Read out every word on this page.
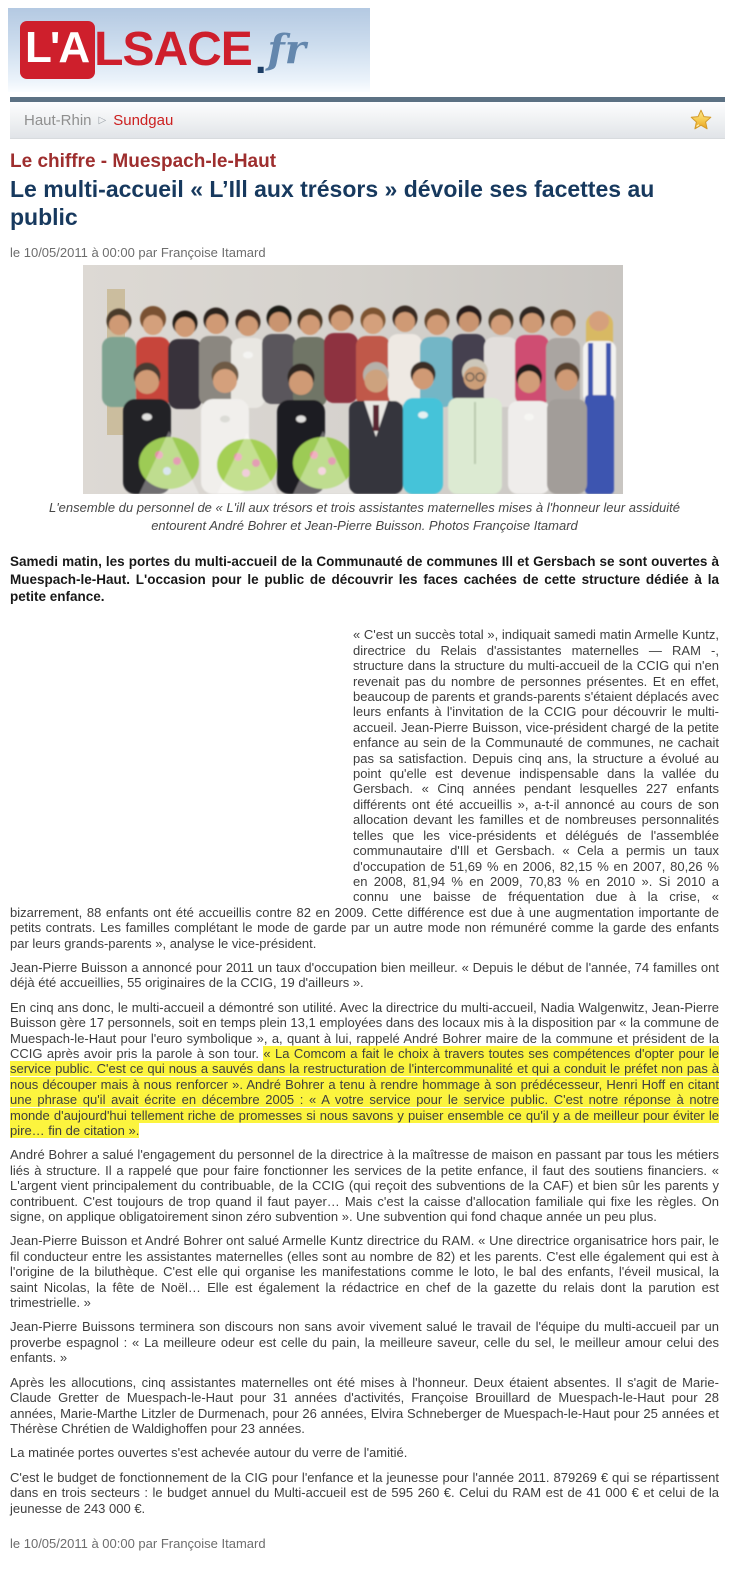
L'A LSACE . fr
Haut-Rhin ▷ Sundgau
Le chiffre - Muespach-le-Haut
Le multi-accueil « L’Ill aux trésors » dévoile ses facettes au public
le 10/05/2011 à 00:00 par Françoise Itamard
L'ensemble du personnel de « L'ill aux trésors et trois assistantes maternelles mises à l'honneur leur assiduité entourent André Bohrer et Jean-Pierre Buisson. Photos Françoise Itamard

Samedi matin, les portes du multi-accueil de la Communauté de communes Ill et Gersbach se sont ouvertes à Muespach-le-Haut. L'occasion pour le public de découvrir les faces cachées de cette structure dédiée à la petite enfance.

« C'est un succès total », indiquait samedi matin Armelle Kuntz, directrice du Relais d'assistantes maternelles — RAM -, structure dans la structure du multi-accueil de la CCIG qui n'en revenait pas du nombre de personnes présentes. Et en effet, beaucoup de parents et grands-parents s'étaient déplacés avec leurs enfants à l'invitation de la CCIG pour découvrir le multi-accueil. Jean-Pierre Buisson, vice-président chargé de la petite enfance au sein de la Communauté de communes, ne cachait pas sa satisfaction. Depuis cinq ans, la structure a évolué au point qu'elle est devenue indispensable dans la vallée du Gersbach. « Cinq années pendant lesquelles 227 enfants différents ont été accueillis », a-t-il annoncé au cours de son allocation devant les familles et de nombreuses personnalités telles que les vice-présidents et délégués de l'assemblée communautaire d'Ill et Gersbach. « Cela a permis un taux d'occupation de 51,69 % en 2006, 82,15 % en 2007, 80,26 % en 2008, 81,94 % en 2009, 70,83 % en 2010 ». Si 2010 a connu une baisse de fréquentation due à la crise, « bizarrement, 88 enfants ont été accueillis contre 82 en 2009. Cette différence est due à une augmentation importante de petits contrats. Les familles complétant le mode de garde par un autre mode non rémunéré comme la garde des enfants par leurs grands-parents », analyse le vice-président.

Jean-Pierre Buisson a annoncé pour 2011 un taux d'occupation bien meilleur. « Depuis le début de l'année, 74 familles ont déjà été accueillies, 55 originaires de la CCIG, 19 d'ailleurs ».

En cinq ans donc, le multi-accueil a démontré son utilité. Avec la directrice du multi-accueil, Nadia Walgenwitz, Jean-Pierre Buisson gère 17 personnels, soit en temps plein 13,1 employées dans des locaux mis à la disposition par « la commune de Muespach-le-Haut pour l'euro symbolique », a, quant à lui, rappelé André Bohrer maire de la commune et président de la CCIG après avoir pris la parole à son tour. « La Comcom a fait le choix à travers toutes ses compétences d'opter pour le service public. C'est ce qui nous a sauvés dans la restructuration de l'intercommunalité et qui a conduit le préfet non pas à nous découper mais à nous renforcer ». André Bohrer a tenu à rendre hommage à son prédécesseur, Henri Hoff en citant une phrase qu'il avait écrite en décembre 2005 : « A votre service pour le service public. C'est notre réponse à notre monde d'aujourd'hui tellement riche de promesses si nous savons y puiser ensemble ce qu'il y a de meilleur pour éviter le pire… fin de citation ».

André Bohrer a salué l'engagement du personnel de la directrice à la maîtresse de maison en passant par tous les métiers liés à structure. Il a rappelé que pour faire fonctionner les services de la petite enfance, il faut des soutiens financiers. « L'argent vient principalement du contribuable, de la CCIG (qui reçoit des subventions de la CAF) et bien sûr les parents y contribuent. C'est toujours de trop quand il faut payer… Mais c'est la caisse d'allocation familiale qui fixe les règles. On signe, on applique obligatoirement sinon zéro subvention ». Une subvention qui fond chaque année un peu plus.

Jean-Pierre Buisson et André Bohrer ont salué Armelle Kuntz directrice du RAM. « Une directrice organisatrice hors pair, le fil conducteur entre les assistantes maternelles (elles sont au nombre de 82) et les parents. C'est elle également qui est à l'origine de la biluthèque. C'est elle qui organise les manifestations comme le loto, le bal des enfants, l'éveil musical, la saint Nicolas, la fête de Noël… Elle est également la rédactrice en chef de la gazette du relais dont la parution est trimestrielle. »

Jean-Pierre Buissons terminera son discours non sans avoir vivement salué le travail de l'équipe du multi-accueil par un proverbe espagnol : « La meilleure odeur est celle du pain, la meilleure saveur, celle du sel, le meilleur amour celui des enfants. »

Après les allocutions, cinq assistantes maternelles ont été mises à l'honneur. Deux étaient absentes. Il s'agit de Marie-Claude Gretter de Muespach-le-Haut pour 31 années d'activités, Françoise Brouillard de Muespach-le-Haut pour 28 années, Marie-Marthe Litzler de Durmenach, pour 26 années, Elvira Schneberger de Muespach-le-Haut pour 25 années et Thérèse Chrétien de Waldighoffen pour 23 années.

La matinée portes ouvertes s'est achevée autour du verre de l'amitié.

C'est le budget de fonctionnement de la CIG pour l'enfance et la jeunesse pour l'année 2011. 879269 € qui se répartissent dans en trois secteurs : le budget annuel du Multi-accueil est de 595 260 €. Celui du RAM est de 41 000 € et celui de la jeunesse de 243 000 €.

le 10/05/2011 à 00:00 par Françoise Itamard
